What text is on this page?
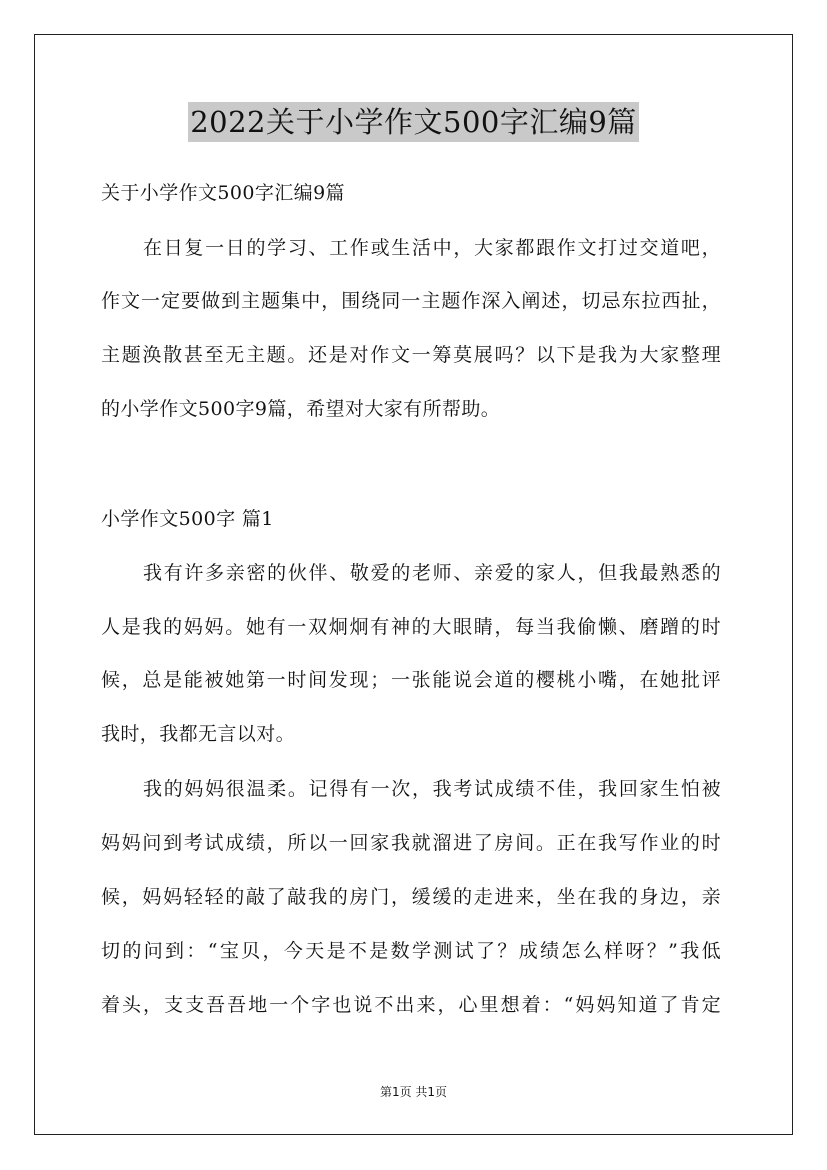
2022关于小学作文500字汇编9篇
关于小学作文500字汇编9篇
在日复一日的学习、工作或生活中，大家都跟作文打过交道吧，
作文一定要做到主题集中，围绕同一主题作深入阐述，切忌东拉西扯，
主题涣散甚至无主题。还是对作文一筹莫展吗？以下是我为大家整理
的小学作文500字9篇，希望对大家有所帮助。
小学作文500字 篇1
我有许多亲密的伙伴、敬爱的老师、亲爱的家人，但我最熟悉的
人是我的妈妈。她有一双炯炯有神的大眼睛，每当我偷懒、磨蹭的时
候，总是能被她第一时间发现；一张能说会道的樱桃小嘴，在她批评
我时，我都无言以对。
我的妈妈很温柔。记得有一次，我考试成绩不佳，我回家生怕被
妈妈问到考试成绩，所以一回家我就溜进了房间。正在我写作业的时
候，妈妈轻轻的敲了敲我的房门，缓缓的走进来，坐在我的身边，亲
切的问到：“宝贝，今天是不是数学测试了？成绩怎么样呀？”我低
着头，支支吾吾地一个字也说不出来，心里想着：“妈妈知道了肯定
第1页 共1页
